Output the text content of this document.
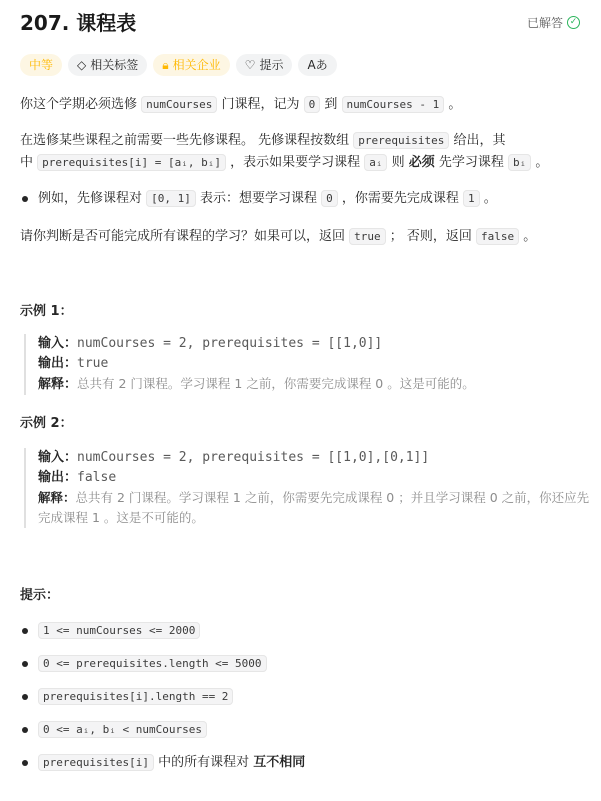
207. 课程表	已解答 ✓
中等	◇ 相关标签 🔒︎ 相关企业 ♡ 提示 Aあ
你这个学期必须选修 numCourses 门课程，记为 0 到 numCourses - 1 。
在选修某些课程之前需要一些先修课程。 先修课程按数组 prerequisites 给出，其
中 prerequisites[i] = [aᵢ, bᵢ] ，表示如果要学习课程 aᵢ 则 必须 先学习课程 bᵢ 。
例如，先修课程对 [0, 1] 表示：想要学习课程 0 ，你需要先完成课程 1 。
请你判断是否可能完成所有课程的学习？如果可以，返回 true ； 否则，返回 false 。
示例 1：
输入：numCourses = 2, prerequisites = [[1,0]]
输出：true
解释：总共有 2 门课程。学习课程 1 之前，你需要完成课程 0 。这是可能的。
示例 2：
输入：numCourses = 2, prerequisites = [[1,0],[0,1]]
输出：false
解释：总共有 2 门课程。学习课程 1 之前，你需要先完成课程 0 ；并且学习课程 0 之前，你还应先完成课程 1 。这是不可能的。
提示：
1 <= numCourses <= 2000
0 <= prerequisites.length <= 5000
prerequisites[i].length == 2
0 <= aᵢ, bᵢ < numCourses
prerequisites[i] 中的所有课程对 互不相同
